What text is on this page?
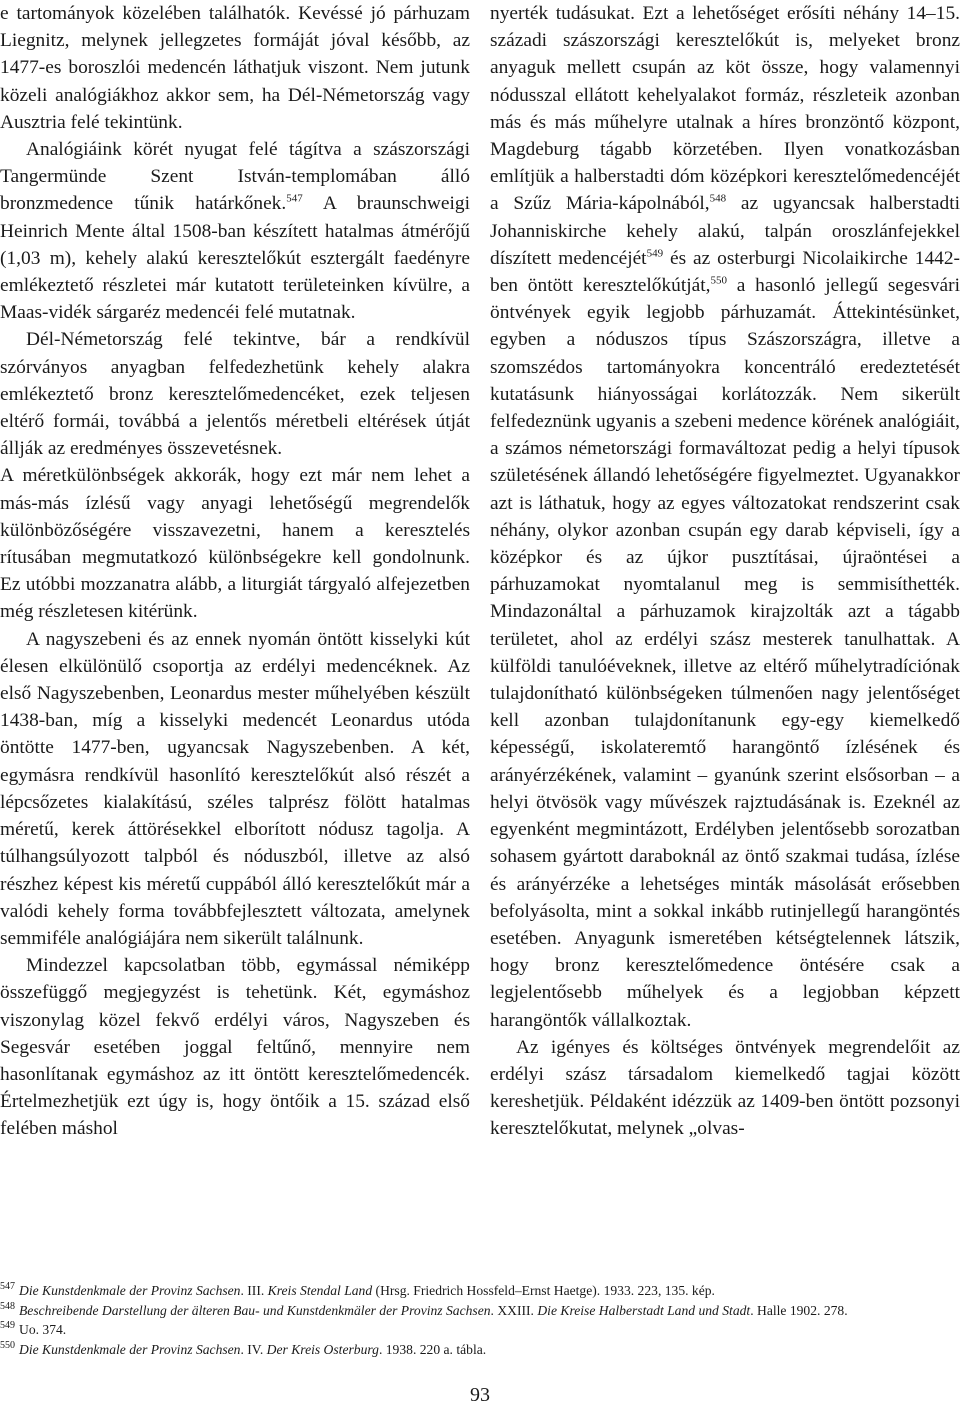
e tartományok közelében találhatók. Kevéssé jó párhuzam Liegnitz, melynek jellegzetes formáját jóval később, az 1477-es boroszlói medencén láthatjuk viszont. Nem jutunk közeli analógiákhoz akkor sem, ha Dél-Németország vagy Ausztria felé tekintünk.

Analógiáink körét nyugat felé tágítva a szászországi Tangermünde Szent István-templomában álló bronzmedence tűnik határkőnek.$^{547}$ A braunschweigi Heinrich Mente által 1508-ban készített hatalmas átmérőjű (1,03 m), kehely alakú keresztelőkút esztergált faedényre emlékeztető részletei már kutatott területeinken kívülre, a Maas-vidék sárgaréz medencéi felé mutatnak.

Dél-Németország felé tekintve, bár a rendkívül szórványos anyagban felfedezhetünk kehely alakra emlékeztető bronz keresztelőmedencéket, ezek teljesen eltérő formái, továbbá a jelentős méretbeli eltérések útját állják az eredményes összevetésnek.

A méretkülönbségek akkorák, hogy ezt már nem lehet a más-más ízlésű vagy anyagi lehetőségű megrendelők különbözőségére visszavezetni, hanem a keresztelés rítusában megmutatkozó különbségekre kell gondolnunk. Ez utóbbi mozzanatra alább, a liturgiát tárgyaló alfejezetben még részletesen kitérünk.

A nagyszebeni és az ennek nyomán öntött kisselyki kút élesen elkülönülő csoportja az erdélyi medencéknek. Az első Nagyszebenben, Leonardus mester műhelyében készült 1438-ban, míg a kisselyki medencét Leonardus utóda öntötte 1477-ben, ugyancsak Nagyszebenben. A két, egymásra rendkívül hasonlító keresztelőkút alsó részét a lépcsőzetes kialakítású, széles talprész fölött hatalmas méretű, kerek áttörésekkel elborított nódusz tagolja. A túlhangsúlyozott talpból és nóduszból, illetve az alsó részhez képest kis méretű cuppából álló keresztelőkút már a valódi kehely forma továbbfejlesztett változata, amelynek semmiféle analógiájára nem sikerült találnunk.

Mindezzel kapcsolatban több, egymással némiképp összefüggő megjegyzést is tehetünk. Két, egymáshoz viszonylag közel fekvő erdélyi város, Nagyszeben és Segesvár esetében joggal feltűnő, mennyire nem hasonlítanak egymáshoz az itt öntött keresztelőmedencék. Értelmezhetjük ezt úgy is, hogy öntőik a 15. század első felében máshol

nyerték tudásukat. Ezt a lehetőséget erősíti néhány 14–15. századi szászországi keresztelőkút is, melyeket bronz anyaguk mellett csupán az köt össze, hogy valamennyi nódusszal ellátott kehelyalakot formáz, részleteik azonban más és más műhelyre utalnak a híres bronzöntő központ, Magdeburg tágabb körzetében. Ilyen vonatkozásban említjük a halberstadti dóm középkori keresztelőmedencéjét a Szűz Mária-kápolnából,$^{548}$ az ugyancsak halberstadti Johanniskirche kehely alakú, talpán oroszlánfejekkel díszített medencéjét$^{549}$ és az osterburgi Nicolaikirche 1442-ben öntött keresztelőkútját,$^{550}$ a hasonló jellegű segesvári öntvények egyik legjobb párhuzamát. Áttekintésünket, egyben a nóduszos típus Szászországra, illetve a szomszédos tartományokra koncentráló eredeztetését kutatásunk hiányosságai korlátozzák. Nem sikerült felfedeznünk ugyanis a szebeni medence körének analógiáit, a számos németországi formaváltozat pedig a helyi típusok születésének állandó lehetőségére figyelmeztet. Ugyanakkor azt is láthatuk, hogy az egyes változatokat rendszerint csak néhány, olykor azonban csupán egy darab képviseli, így a középkor és az újkor pusztításai, újraöntései a párhuzamokat nyomtalanul meg is semmisíthették. Mindazonáltal a párhuzamok kirajzolták azt a tágabb területet, ahol az erdélyi szász mesterek tanulhattak. A külföldi tanulóéveknek, illetve az eltérő műhelytradíciónak tulajdonítható különbségeken túlmenően nagy jelentőséget kell azonban tulajdonítanunk egy-egy kiemelkedő képességű, iskolateremtő harangöntő ízlésének és arányérzékének, valamint – gyanúnk szerint elsősorban – a helyi ötvösök vagy művészek rajztudásának is. Ezeknél az egyenként megmintázott, Erdélyben jelentősebb sorozatban sohasem gyártott daraboknál az öntő szakmai tudása, ízlése és arányérzéke a lehetséges minták másolását erősebben befolyásolta, mint a sokkal inkább rutinjellegű harangöntés esetében. Anyagunk ismeretében kétségtelennek látszik, hogy bronz keresztelőmedence öntésére csak a legjelentősebb műhelyek és a legjobban képzett harangöntők vállalkoztak.

Az igényes és költséges öntvények megrendelőit az erdélyi szász társadalom kiemelkedő tagjai között kereshetjük. Példaként idézzük az 1409-ben öntött pozsonyi keresztelőkutat, melynek „olvas-

$^{547}$ Die Kunstdenkmale der Provinz Sachsen. III. Kreis Stendal Land (Hrsg. Friedrich Hossfeld–Ernst Haetge). 1933. 223, 135. kép.
$^{548}$ Beschreibende Darstellung der älteren Bau- und Kunstdenkmäler der Provinz Sachsen. XXIII. Die Kreise Halberstadt Land und Stadt. Halle 1902. 278.
$^{549}$ Uo. 374.
$^{550}$ Die Kunstdenkmale der Provinz Sachsen. IV. Der Kreis Osterburg. 1938. 220 a. tábla.
93
